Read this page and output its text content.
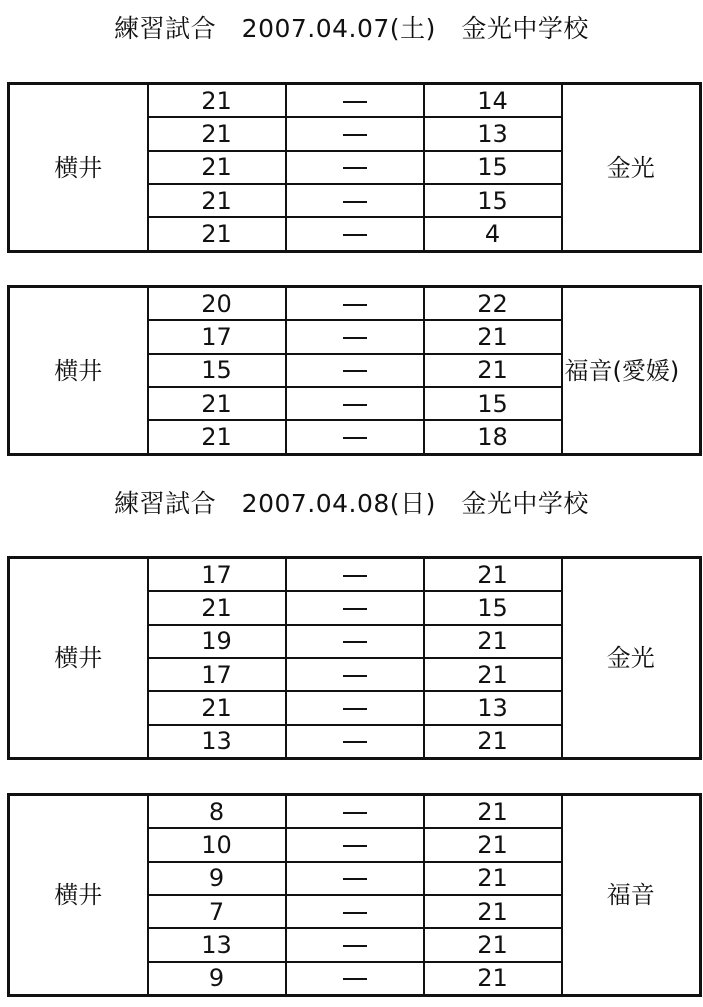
練習試合　2007.04.07(土)　金光中学校
横井	21		14	金光
	21		13	
	21		15	
	21		15	
	21		4	
横井	20		22	福音(愛媛)
	17		21	
	15		21	
	21		15	
	21		18	
練習試合　2007.04.08(日)　金光中学校
横井	17		21	金光
	21		15	
	19		21	
	17		21	
	21		13	
	13		21	
横井	8		21	福音
	10		21	
	9		21	
	7		21	
	13		21	
	9		21	
